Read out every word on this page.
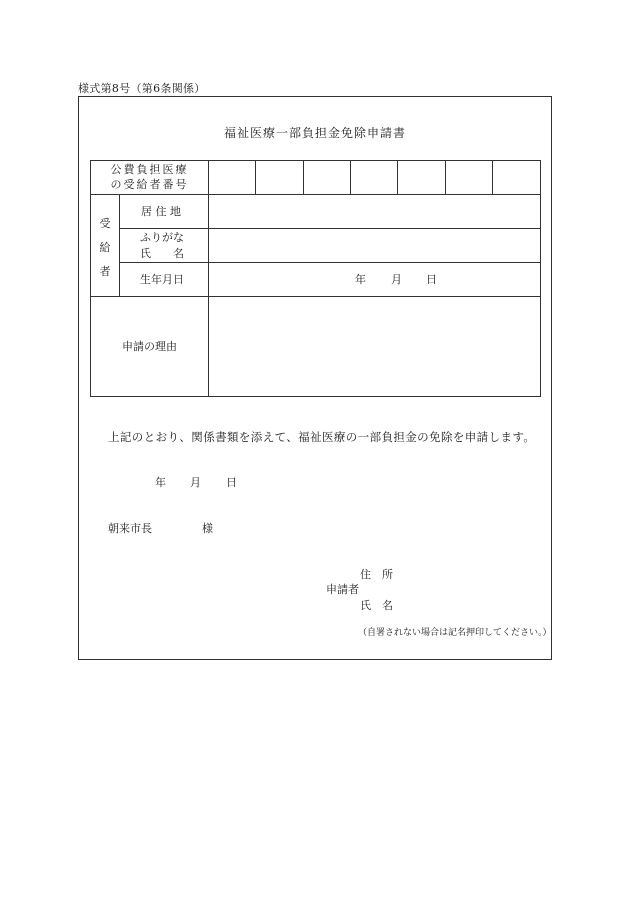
様式第8号（第6条関係）
福祉医療一部負担金免除申請書
公費負担医療
の受給者番号
受
給
者
居 住 地
ふりがな
氏　　名
生年月日	年 月 日
申請の理由
上記のとおり、関係書類を添えて、福祉医療の一部負担金の免除を申請します。
年 月 日
朝来市長	様
住　所
申請者
氏　名
（自署されない場合は記名押印してください。）
